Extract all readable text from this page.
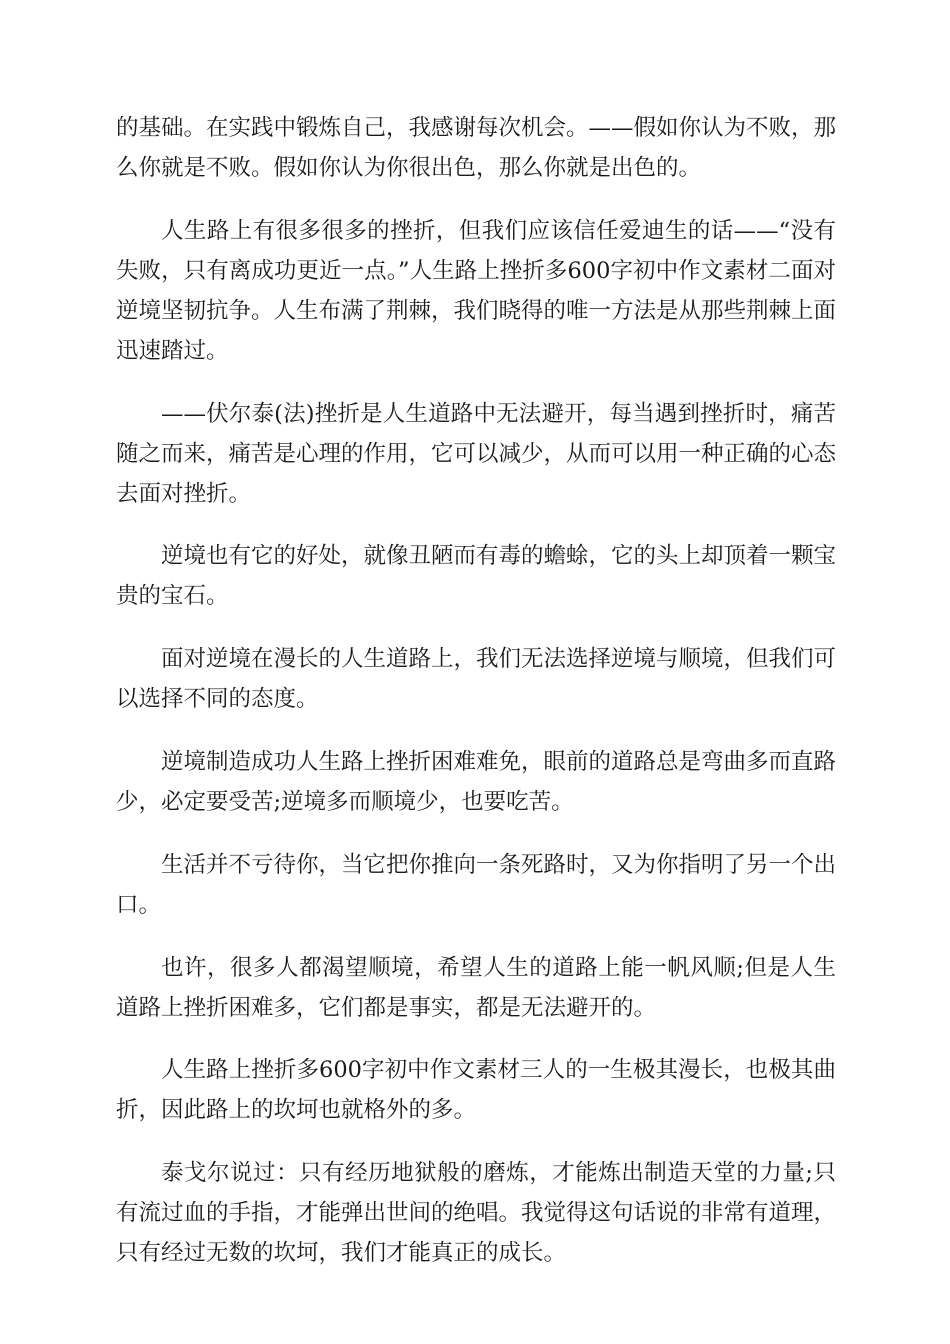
的基础。在实践中锻炼自己，我感谢每次机会。——假如你认为不败，那么你就是不败。假如你认为你很出色，那么你就是出色的。

人生路上有很多很多的挫折，但我们应该信任爱迪生的话——“没有失败，只有离成功更近一点。”人生路上挫折多600字初中作文素材二面对逆境坚韧抗争。人生布满了荆棘，我们晓得的唯一方法是从那些荆棘上面迅速踏过。

——伏尔泰(法)挫折是人生道路中无法避开，每当遇到挫折时，痛苦随之而来，痛苦是心理的作用，它可以减少，从而可以用一种正确的心态去面对挫折。

逆境也有它的好处，就像丑陋而有毒的蟾蜍，它的头上却顶着一颗宝贵的宝石。

面对逆境在漫长的人生道路上，我们无法选择逆境与顺境，但我们可以选择不同的态度。

逆境制造成功人生路上挫折困难难免，眼前的道路总是弯曲多而直路少，必定要受苦;逆境多而顺境少，也要吃苦。

生活并不亏待你，当它把你推向一条死路时，又为你指明了另一个出口。

也许，很多人都渴望顺境，希望人生的道路上能一帆风顺;但是人生道路上挫折困难多，它们都是事实，都是无法避开的。

人生路上挫折多600字初中作文素材三人的一生极其漫长，也极其曲折，因此路上的坎坷也就格外的多。

泰戈尔说过：只有经历地狱般的磨炼，才能炼出制造天堂的力量;只有流过血的手指，才能弹出世间的绝唱。我觉得这句话说的非常有道理，只有经过无数的坎坷，我们才能真正的成长。
